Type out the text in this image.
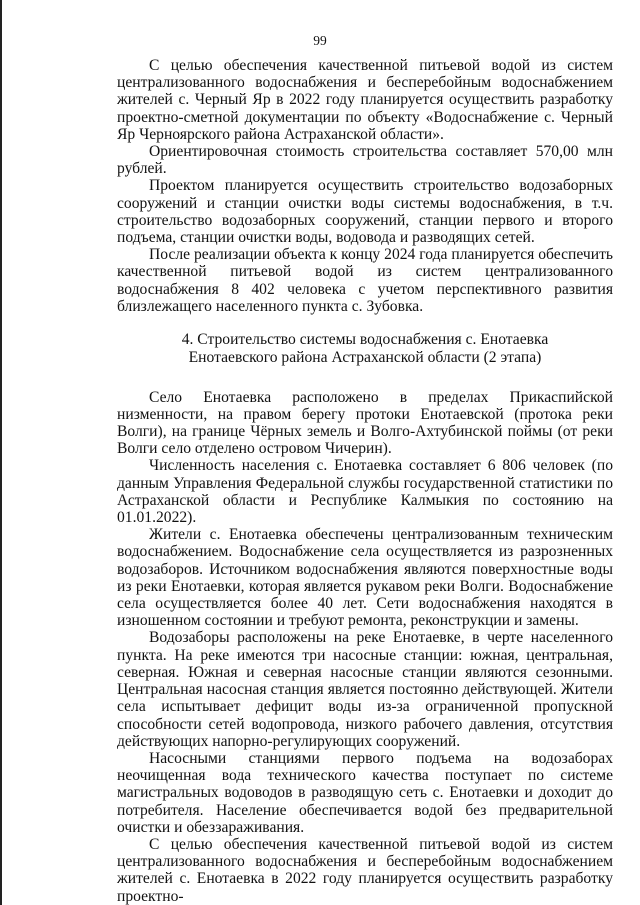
99

С целью обеспечения качественной питьевой водой из систем централизованного водоснабжения и бесперебойным водоснабжением жителей с. Черный Яр в 2022 году планируется осуществить разработку проектно-сметной документации по объекту «Водоснабжение с. Черный Яр Черноярского района Астраханской области».

Ориентировочная стоимость строительства составляет 570,00 млн рублей.

Проектом планируется осуществить строительство водозаборных сооружений и станции очистки воды системы водоснабжения, в т.ч. строительство водозаборных сооружений, станции первого и второго подъема, станции очистки воды, водовода и разводящих сетей.

После реализации объекта к концу 2024 года планируется обеспечить качественной питьевой водой из систем централизованного водоснабжения 8 402 человека с учетом перспективного развития близлежащего населенного пункта с. Зубовка.

4. Строительство системы водоснабжения с. Енотаевка Енотаевского района Астраханской области (2 этапа)

Село Енотаевка расположено в пределах Прикаспийской низменности, на правом берегу протоки Енотаевской (протока реки Волги), на границе Чёрных земель и Волго-Ахтубинской поймы (от реки Волги село отделено островом Чичерин).

Численность населения с. Енотаевка составляет 6 806 человек (по данным Управления Федеральной службы государственной статистики по Астраханской области и Республике Калмыкия по состоянию на 01.01.2022).

Жители с. Енотаевка обеспечены централизованным техническим водоснабжением. Водоснабжение села осуществляется из разрозненных водозаборов. Источником водоснабжения являются поверхностные воды из реки Енотаевки, которая является рукавом реки Волги. Водоснабжение села осуществляется более 40 лет. Сети водоснабжения находятся в изношенном состоянии и требуют ремонта, реконструкции и замены.

Водозаборы расположены на реке Енотаевке, в черте населенного пункта. На реке имеются три насосные станции: южная, центральная, северная. Южная и северная насосные станции являются сезонными. Центральная насосная станция является постоянно действующей. Жители села испытывает дефицит воды из-за ограниченной пропускной способности сетей водопровода, низкого рабочего давления, отсутствия действующих напорно-регулирующих сооружений.

Насосными станциями первого подъема на водозаборах неочищенная вода технического качества поступает по системе магистральных водоводов в разводящую сеть с. Енотаевки и доходит до потребителя. Население обеспечивается водой без предварительной очистки и обеззараживания.

С целью обеспечения качественной питьевой водой из систем централизованного водоснабжения и бесперебойным водоснабжением жителей с. Енотаевка в 2022 году планируется осуществить разработку проектно-
